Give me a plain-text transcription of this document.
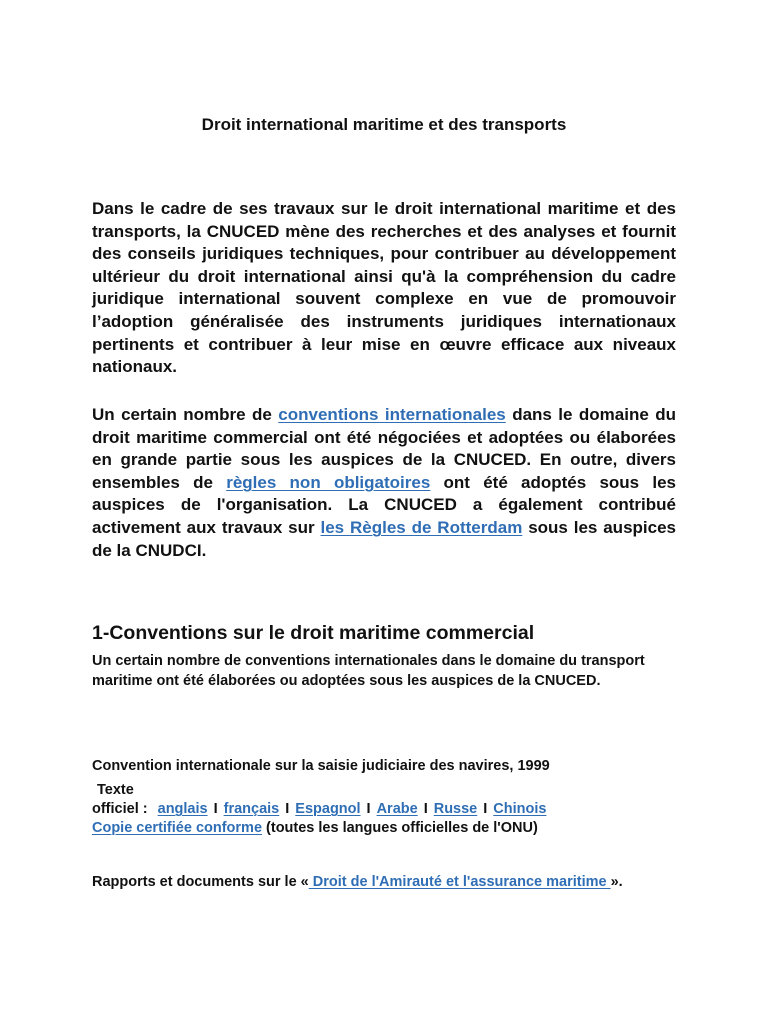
Droit international maritime et des transports
Dans le cadre de ses travaux sur le droit international maritime et des transports, la CNUCED mène des recherches et des analyses et fournit des conseils juridiques techniques, pour contribuer au développement ultérieur du droit international ainsi qu'à la compréhension du cadre juridique international souvent complexe en vue de promouvoir l’adoption généralisée des instruments juridiques internationaux pertinents et contribuer à leur mise en œuvre efficace aux niveaux nationaux.
Un certain nombre de conventions internationales dans le domaine du droit maritime commercial ont été négociées et adoptées ou élaborées en grande partie sous les auspices de la CNUCED. En outre, divers ensembles de règles non obligatoires ont été adoptés sous les auspices de l'organisation. La CNUCED a également contribué activement aux travaux sur les Règles de Rotterdam sous les auspices de la CNUDCI.
1-Conventions sur le droit maritime commercial
Un certain nombre de conventions internationales dans le domaine du transport maritime ont été élaborées ou adoptées sous les auspices de la CNUCED.
Convention internationale sur la saisie judiciaire des navires, 1999
Texte
officiel : anglais I français I Espagnol I Arabe I Russe I Chinois
Copie certifiée conforme (toutes les langues officielles de l'ONU)
Rapports et documents sur le « Droit de l'Amirauté et l'assurance maritime ».
